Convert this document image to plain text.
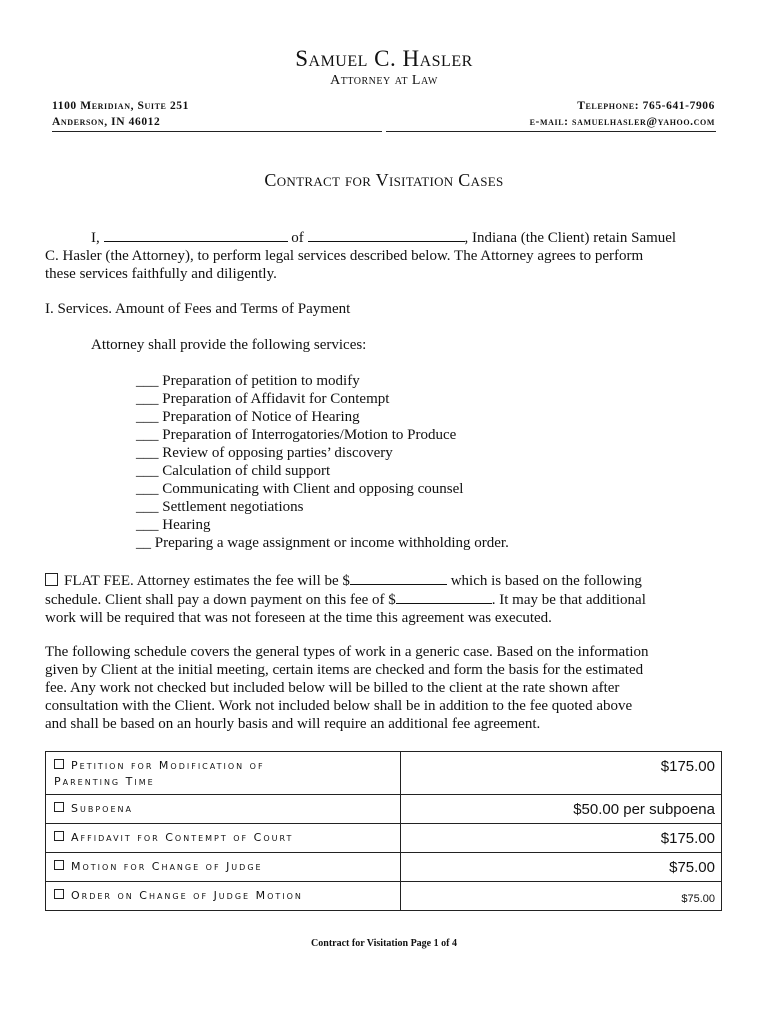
Samuel C. Hasler
Attorney at Law
1100 Meridian, Suite 251
Anderson, IN 46012
Telephone: 765-641-7906
e-mail: samuelhasler@yahoo.com
Contract for Visitation Cases
I,	of	, Indiana (the Client) retain Samuel
C. Hasler (the Attorney), to perform legal services described below. The Attorney agrees to perform
these services faithfully and diligently.
I. Services. Amount of Fees and Terms of Payment
Attorney shall provide the following services:
___ Preparation of petition to modify
___ Preparation of Affidavit for Contempt
___ Preparation of Notice of Hearing
___ Preparation of Interrogatories/Motion to Produce
___ Review of opposing parties’ discovery
___ Calculation of child support
___ Communicating with Client and opposing counsel
___ Settlement negotiations
___ Hearing
__ Preparing a wage assignment or income withholding order.
FLAT FEE. Attorney estimates the fee will be $	which is based on the following
schedule. Client shall pay a down payment on this fee of $	. It may be that additional
work will be required that was not foreseen at the time this agreement was executed.
The following schedule covers the general types of work in a generic case. Based on the information
given by Client at the initial meeting, certain items are checked and form the basis for the estimated
fee. Any work not checked but included below will be billed to the client at the rate shown after
consultation with the Client. Work not included below shall be in addition to the fee quoted above
and shall be based on an hourly basis and will require an additional fee agreement.
Petition for Modification of
Parenting Time	$175.00
Subpoena	$50.00 per subpoena
Affidavit for Contempt of Court	$175.00
Motion for Change of Judge	$75.00
Order on Change of Judge Motion	$75.00
Contract for Visitation Page 1 of 4
